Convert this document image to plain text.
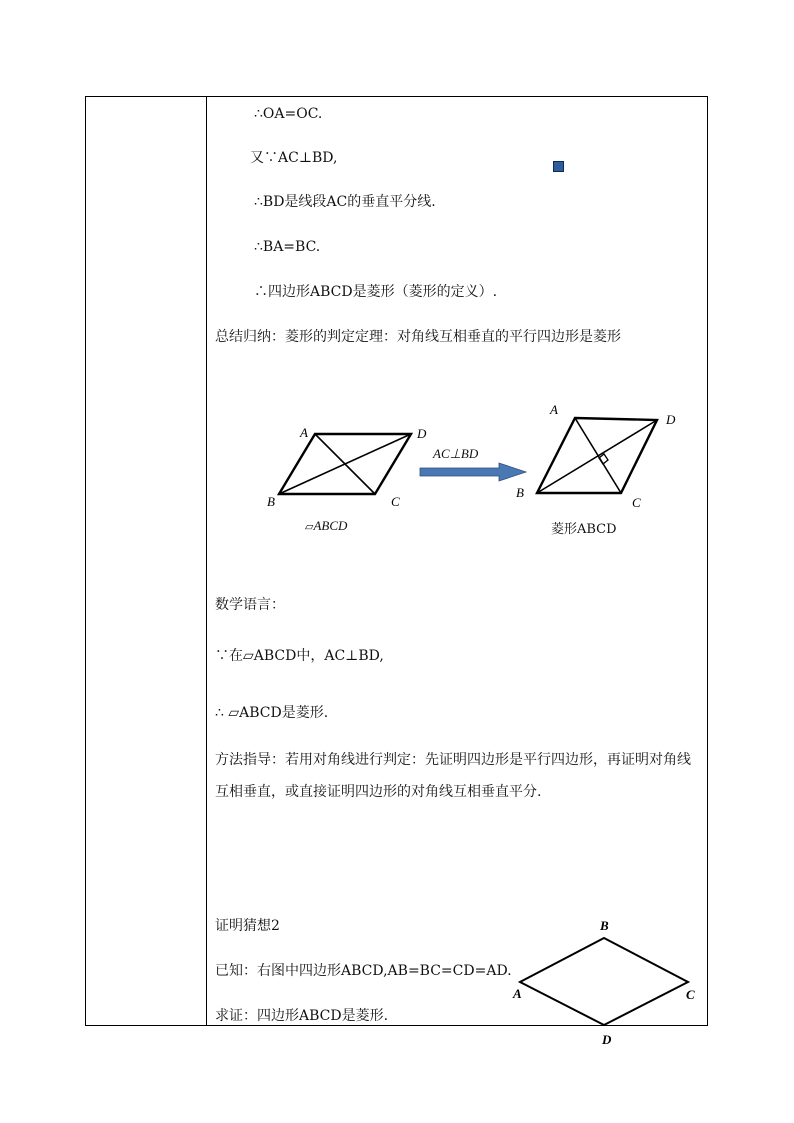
∴OA=OC.
又∵AC⊥BD,
∴BD是线段AC的垂直平分线.
∴BA=BC.
∴四边形ABCD是菱形（菱形的定义）.
总结归纳：菱形的判定定理：对角线互相垂直的平行四边形是菱形
A	D
B	C
▱ABCD
AC⊥BD
A
D
B
C
菱形ABCD
数学语言：
∵在▱ABCD中，AC⊥BD,
∴ ▱ABCD是菱形.
方法指导：若用对角线进行判定：先证明四边形是平行四边形，再证明对角线互相垂直，或直接证明四边形的对角线互相垂直平分.
证明猜想2
已知：右图中四边形ABCD,AB=BC=CD=AD.
求证：四边形ABCD是菱形.
B
A	C
D
